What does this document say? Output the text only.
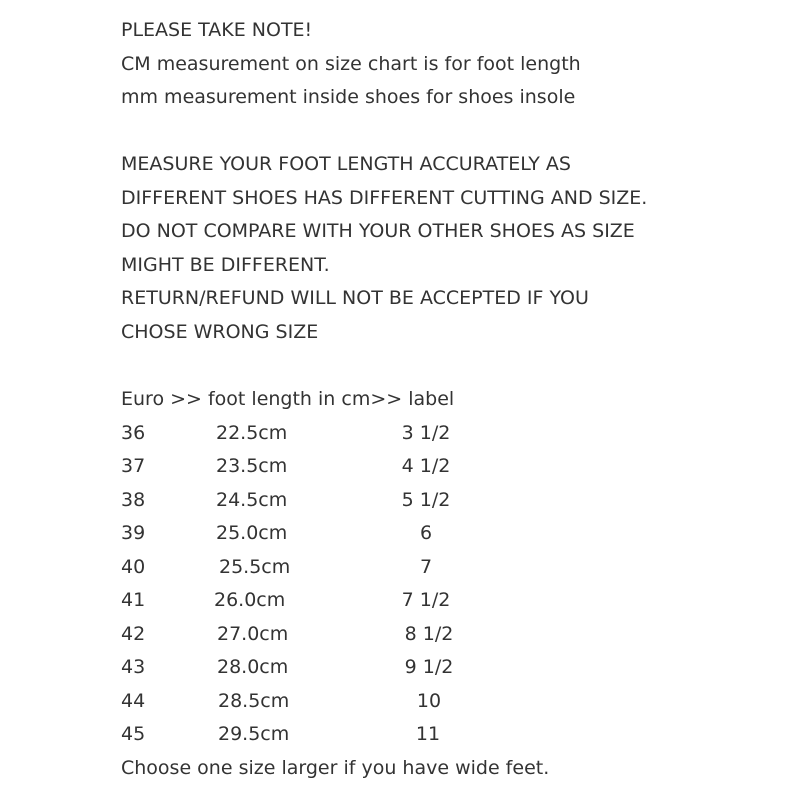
PLEASE TAKE NOTE!
CM measurement on size chart is for foot length
mm measurement inside shoes for shoes insole
MEASURE YOUR FOOT LENGTH ACCURATELY AS
DIFFERENT SHOES HAS DIFFERENT CUTTING AND SIZE.
DO NOT COMPARE WITH YOUR OTHER SHOES AS SIZE
MIGHT BE DIFFERENT.
RETURN/REFUND WILL NOT BE ACCEPTED IF YOU
CHOSE WRONG SIZE
Euro >> foot length in cm>> label
36	22.5cm	3 1/2
37	23.5cm	4 1/2
38	24.5cm	5 1/2
39	25.0cm	6
40	25.5cm	7
41	26.0cm	7 1/2
42	27.0cm	8 1/2
43	28.0cm	9 1/2
44	28.5cm	10
45	29.5cm	11
Choose one size larger if you have wide feet.
